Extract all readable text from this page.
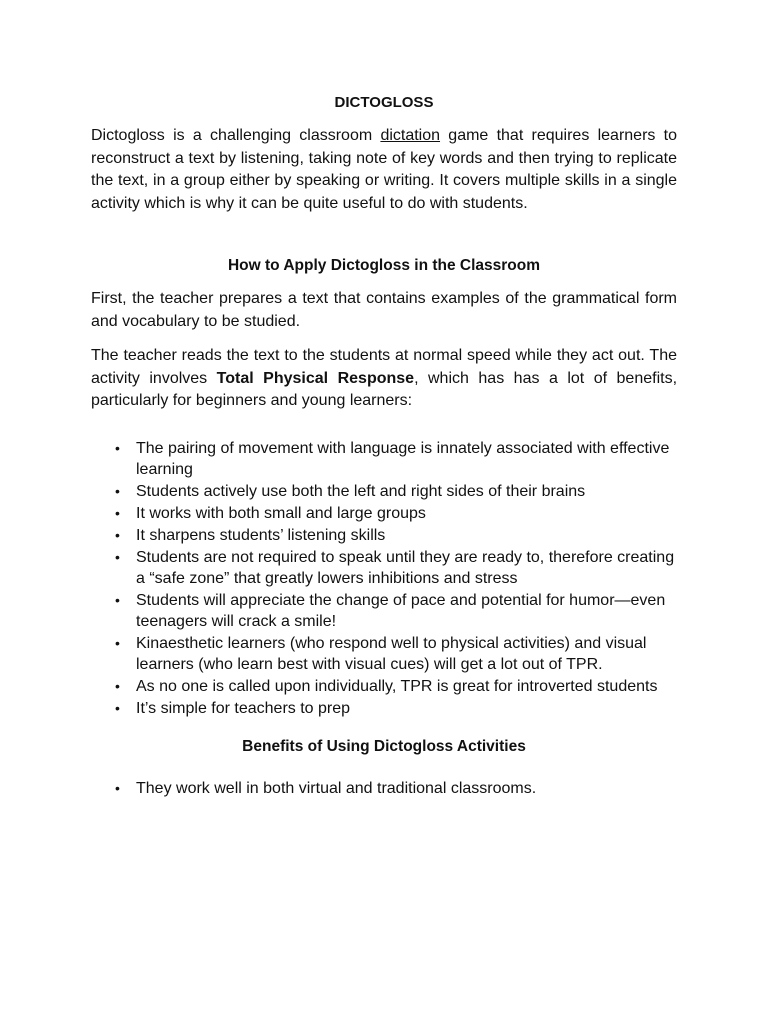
DICTOGLOSS

Dictogloss is a challenging classroom dictation game that requires learners to reconstruct a text by listening, taking note of key words and then trying to replicate the text, in a group either by speaking or writing. It covers multiple skills in a single activity which is why it can be quite useful to do with students.

How to Apply Dictogloss in the Classroom

First, the teacher prepares a text that contains examples of the grammatical form and vocabulary to be studied.

The teacher reads the text to the students at normal speed while they act out. The activity involves Total Physical Response, which has has a lot of benefits, particularly for beginners and young learners:

•	The pairing of movement with language is innately associated with effective learning
•	Students actively use both the left and right sides of their brains
•	It works with both small and large groups
•	It sharpens students’ listening skills
•	Students are not required to speak until they are ready to, therefore creating a “safe zone” that greatly lowers inhibitions and stress
•	Students will appreciate the change of pace and potential for humor—even teenagers will crack a smile!
•	Kinaesthetic learners (who respond well to physical activities) and visual learners (who learn best with visual cues) will get a lot out of TPR.
•	As no one is called upon individually, TPR is great for introverted students
•	It’s simple for teachers to prep
Benefits of Using Dictogloss Activities
•	They work well in both virtual and traditional classrooms.
